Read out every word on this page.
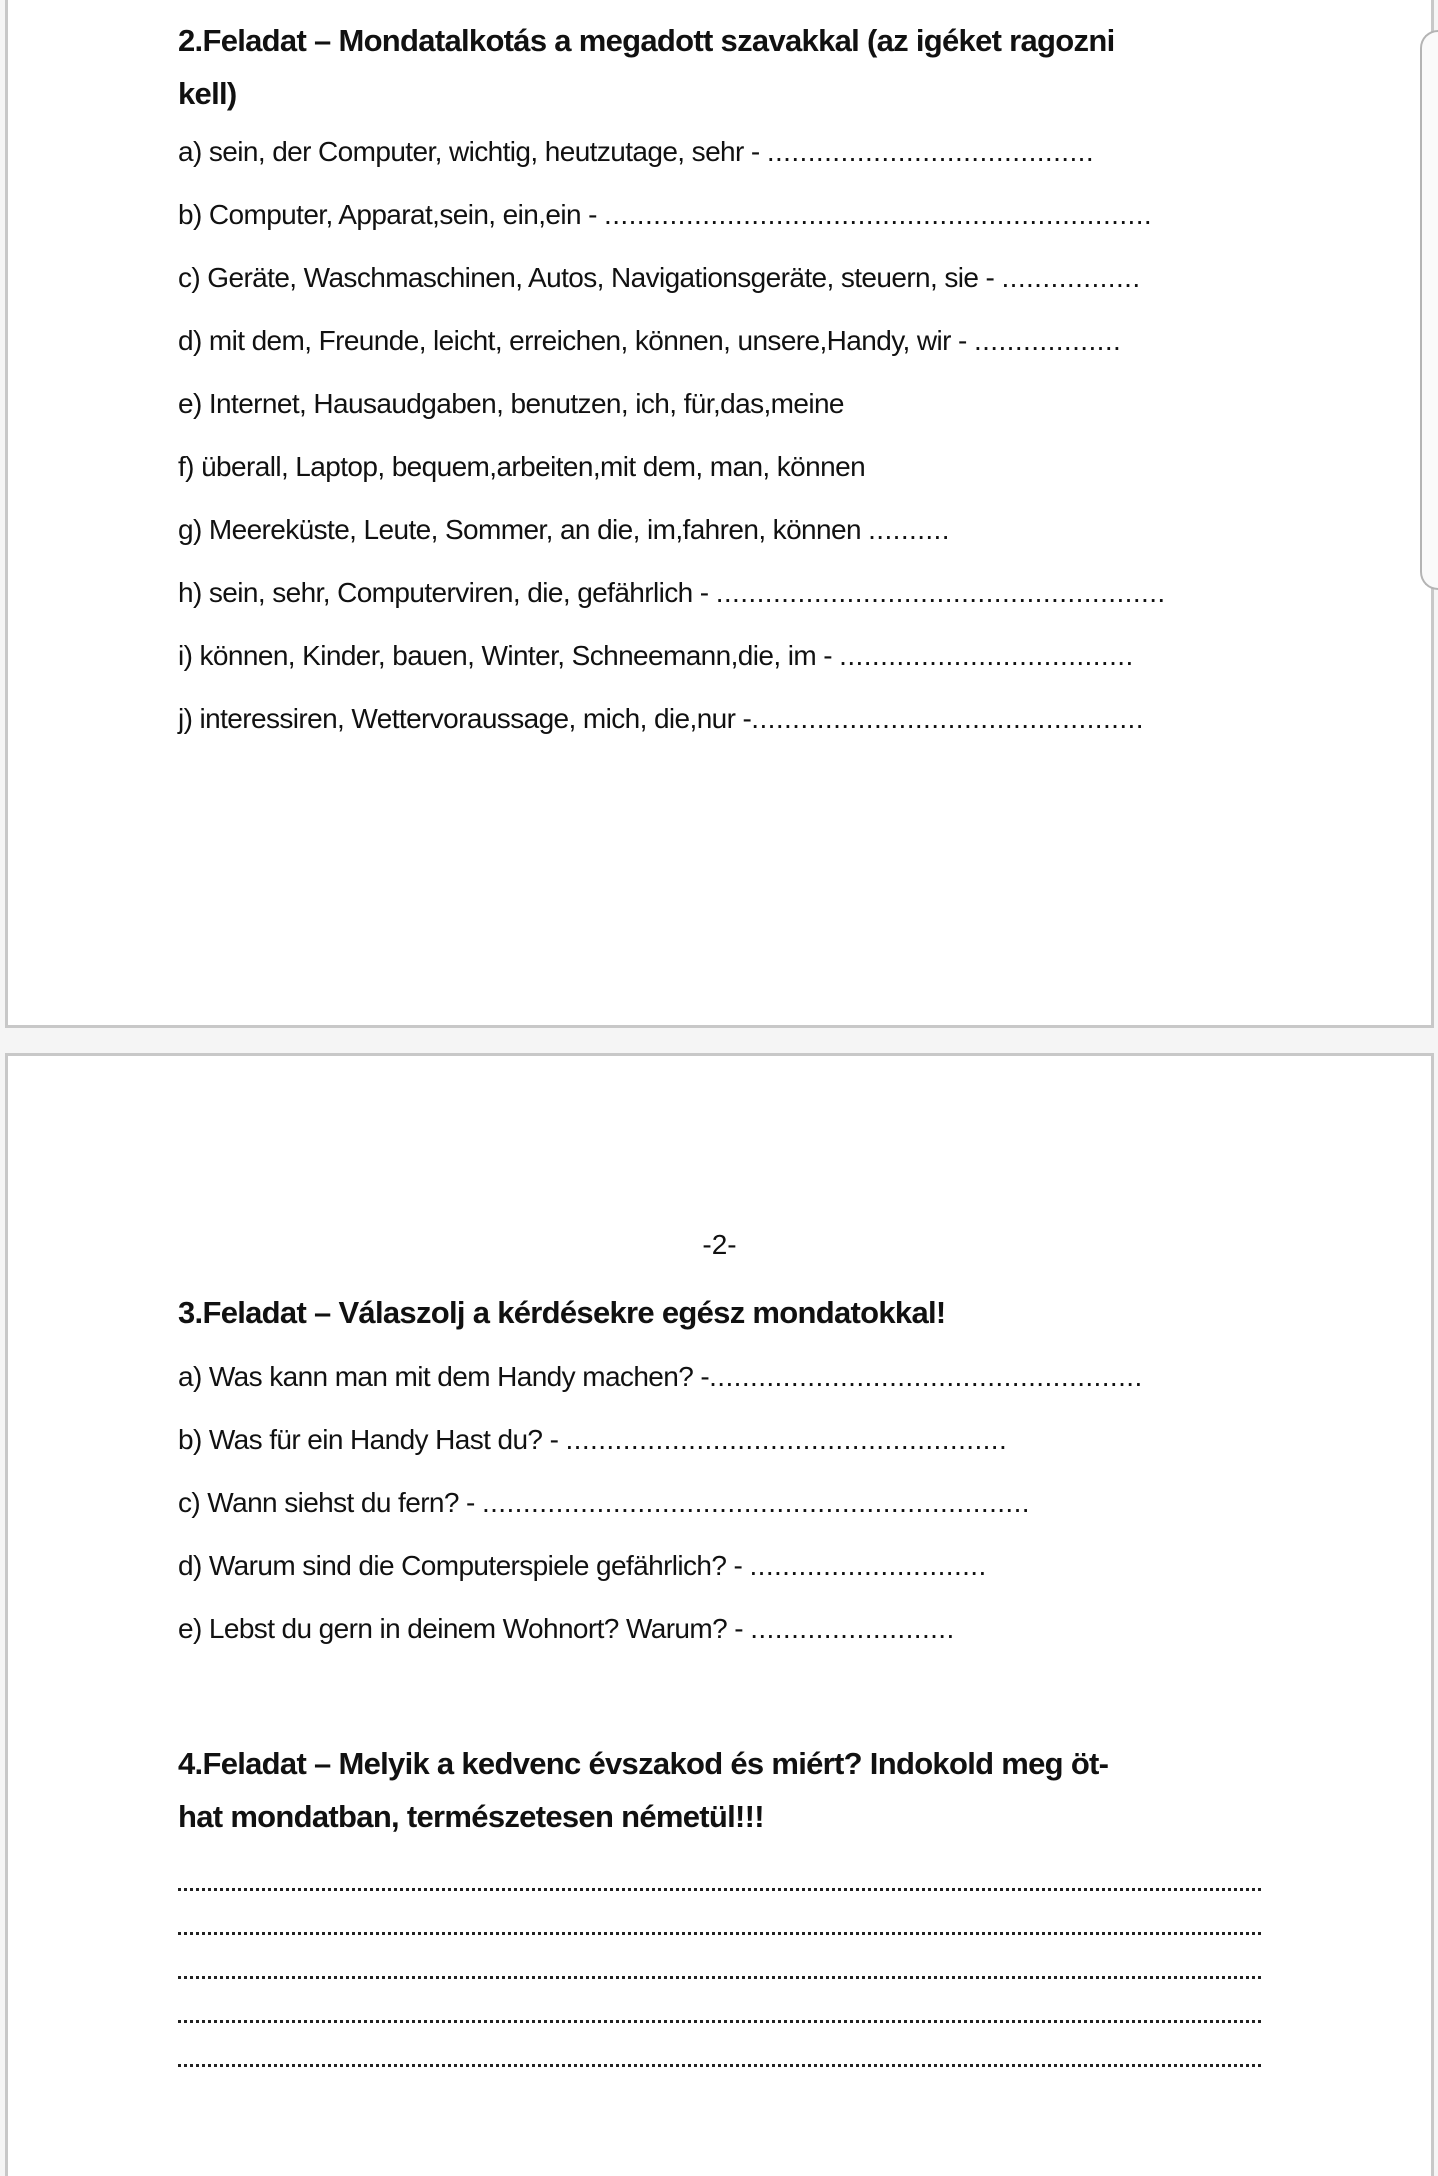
2.Feladat – Mondatalkotás a megadott szavakkal (az igéket ragozni
kell)
a) sein, der Computer, wichtig, heutzutage, sehr - ........................................
b) Computer, Apparat,sein, ein,ein - ...................................................................
c) Geräte, Waschmaschinen, Autos, Navigationsgeräte, steuern, sie - .................
d) mit dem, Freunde, leicht, erreichen, können, unsere,Handy, wir - ..................
e) Internet, Hausaudgaben, benutzen, ich, für,das,meine
f) überall, Laptop, bequem,arbeiten,mit dem, man, können
g) Meereküste, Leute, Sommer, an die, im,fahren, können ..........
h) sein, sehr, Computerviren, die, gefährlich - .......................................................
i) können, Kinder, bauen, Winter, Schneemann,die, im - ....................................
j) interessiren, Wettervoraussage, mich, die,nur -................................................
-2-
3.Feladat – Válaszolj a kérdésekre egész mondatokkal!
a) Was kann man mit dem Handy machen? -.....................................................
b) Was für ein Handy Hast du? - ......................................................
c) Wann siehst du fern? - ...................................................................
d) Warum sind die Computerspiele gefährlich? - .............................
e) Lebst du gern in deinem Wohnort? Warum? - .........................
4.Feladat – Melyik a kedvenc évszakod és miért? Indokold meg öt-
hat mondatban, természetesen németül!!!
